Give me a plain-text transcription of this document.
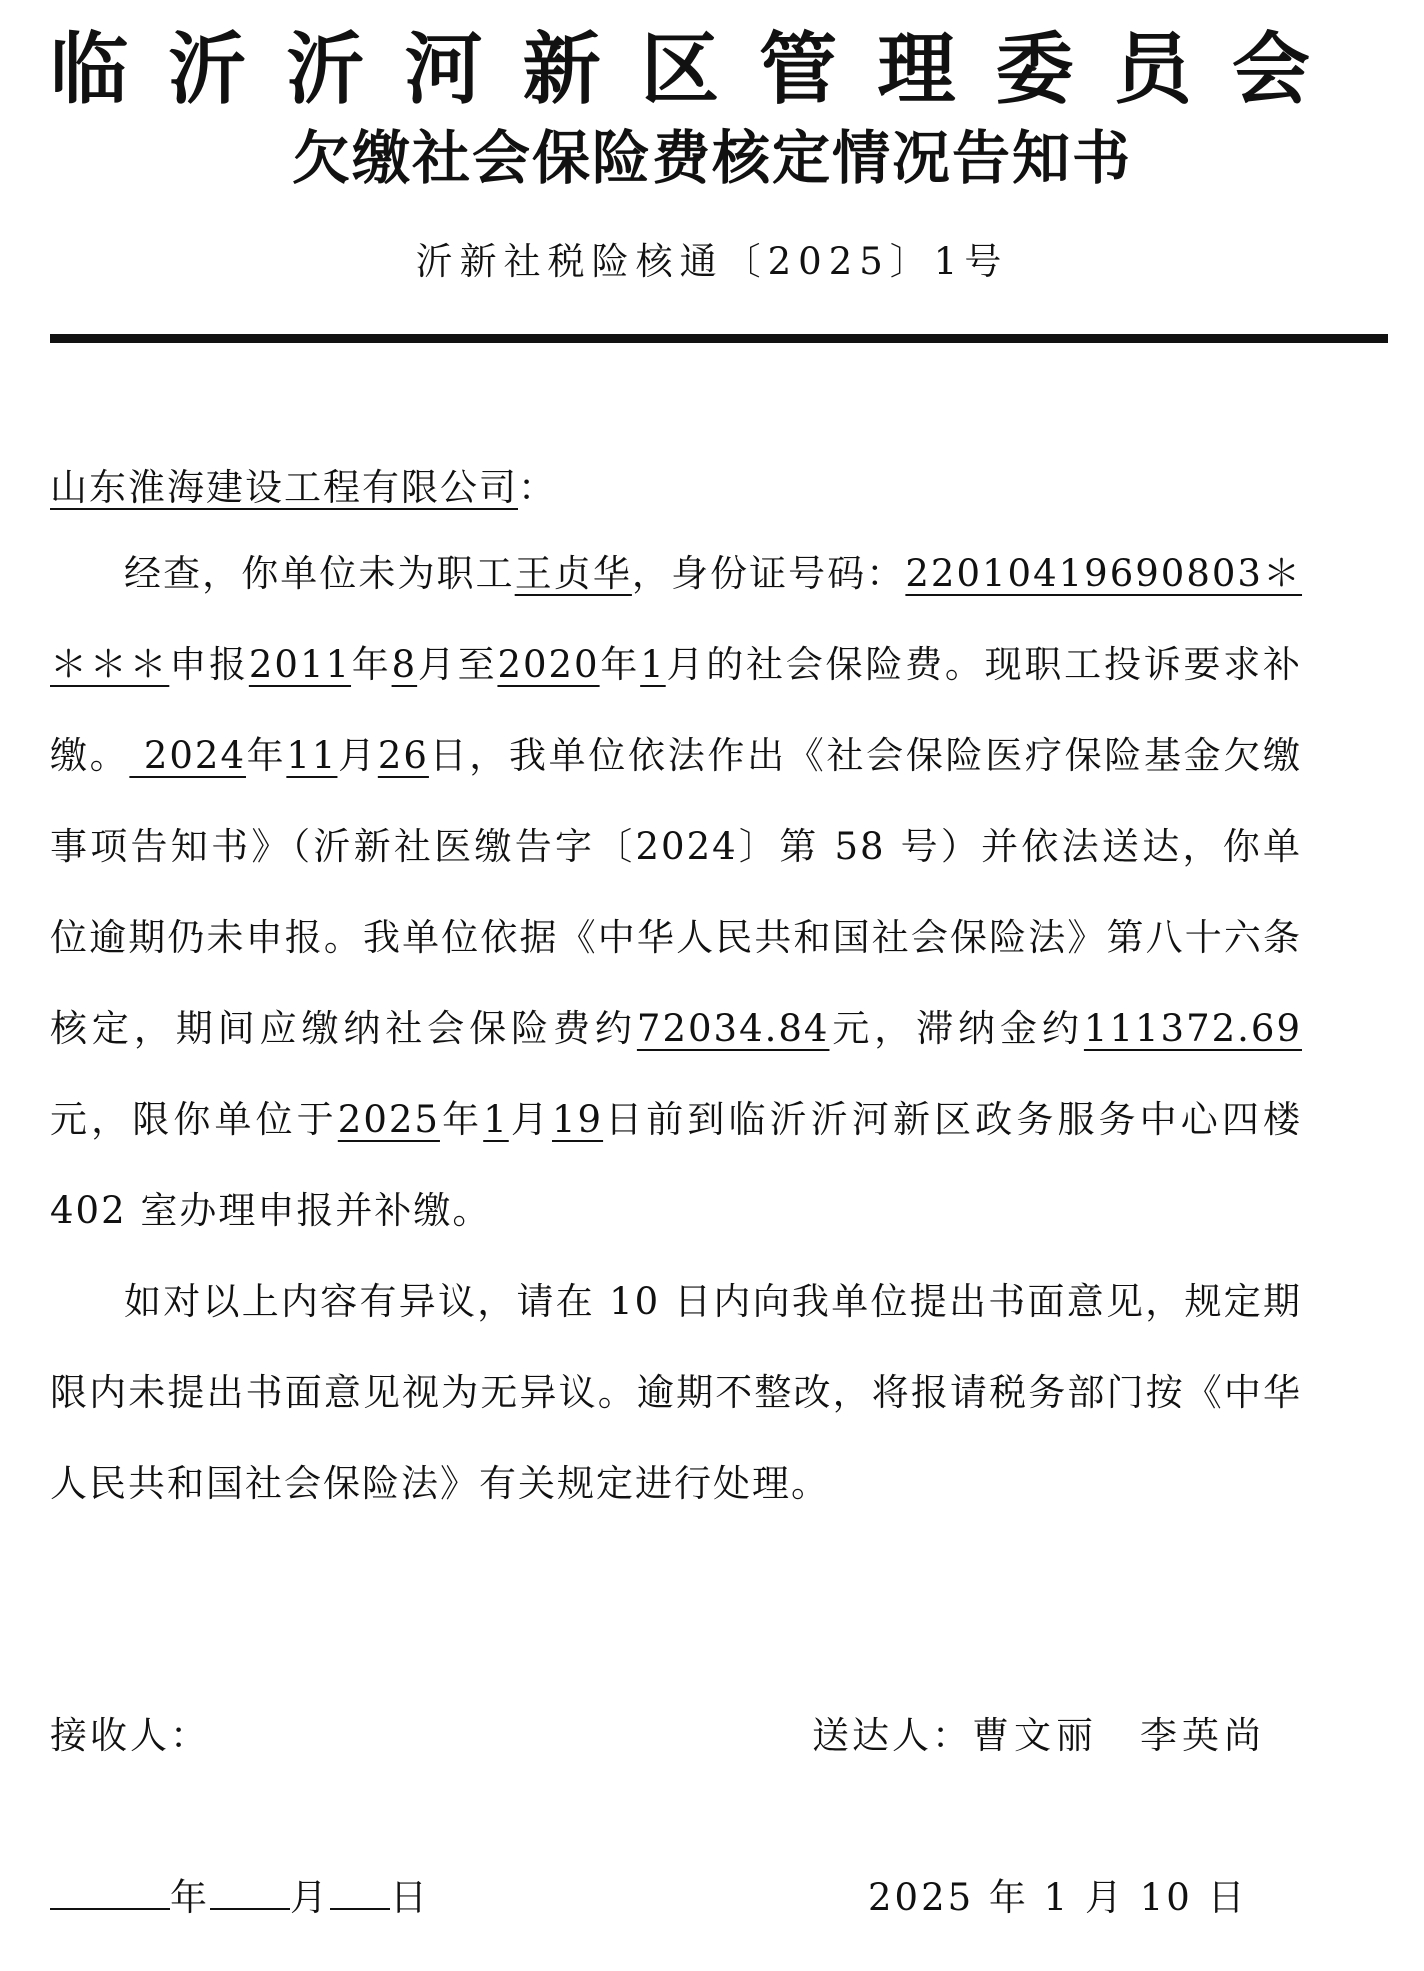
临 沂 沂 河 新 区 管 理 委 员 会
欠缴社会保险费核定情况告知书
沂新社税险核通〔2025〕1号
山东淮海建设工程有限公司：

经查，你单位未为职工王贞华，身份证号码：22010419690803＊＊＊＊申报2011年8月至2020年1月的社会保险费。现职工投诉要求补缴。 2024年11月26日，我单位依法作出《社会保险医疗保险基金欠缴事项告知书》（沂新社医缴告字〔2024〕第 58 号）并依法送达，你单位逾期仍未申报。我单位依据《中华人民共和国社会保险法》第八十六条核定，期间应缴纳社会保险费约72034.84元，滞纳金约111372.69元，限你单位于2025年1月19日前到临沂沂河新区政务服务中心四楼 402 室办理申报并补缴。

如对以上内容有异议，请在 10 日内向我单位提出书面意见，规定期限内未提出书面意见视为无异议。逾期不整改，将报请税务部门按《中华人民共和国社会保险法》有关规定进行处理。

接收人：	送达人：曹文丽　李英尚
年 月 日	2025 年 1 月 10 日
